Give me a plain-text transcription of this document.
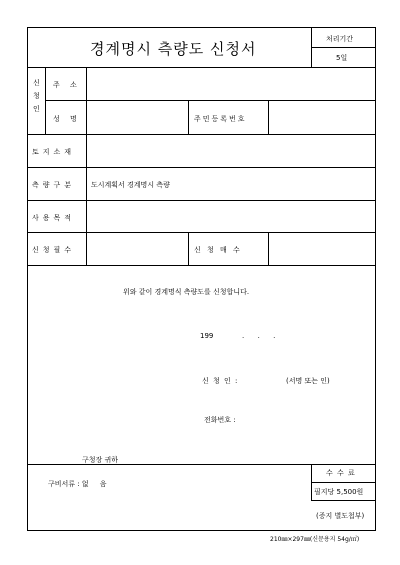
경계명시 측량도 신청서
처리기간
5일
신
청
인
주 소
성 명	주민등록번호
토지소재
측량구분 도시계획서 경계명시 측량
사용목적
신청필수	신 청 매 수
위와 같이 경계명식 측량도를 신청합니다.
199	.      .      .
신 청 인 :	(서명 또는 인)
전화번호 :
구청장 귀하
구비서류 : 없     음
수 수 료
필지당 5,500원
(증지 별도첩부)
210㎜×297㎜(신문용지 54g/㎡)
